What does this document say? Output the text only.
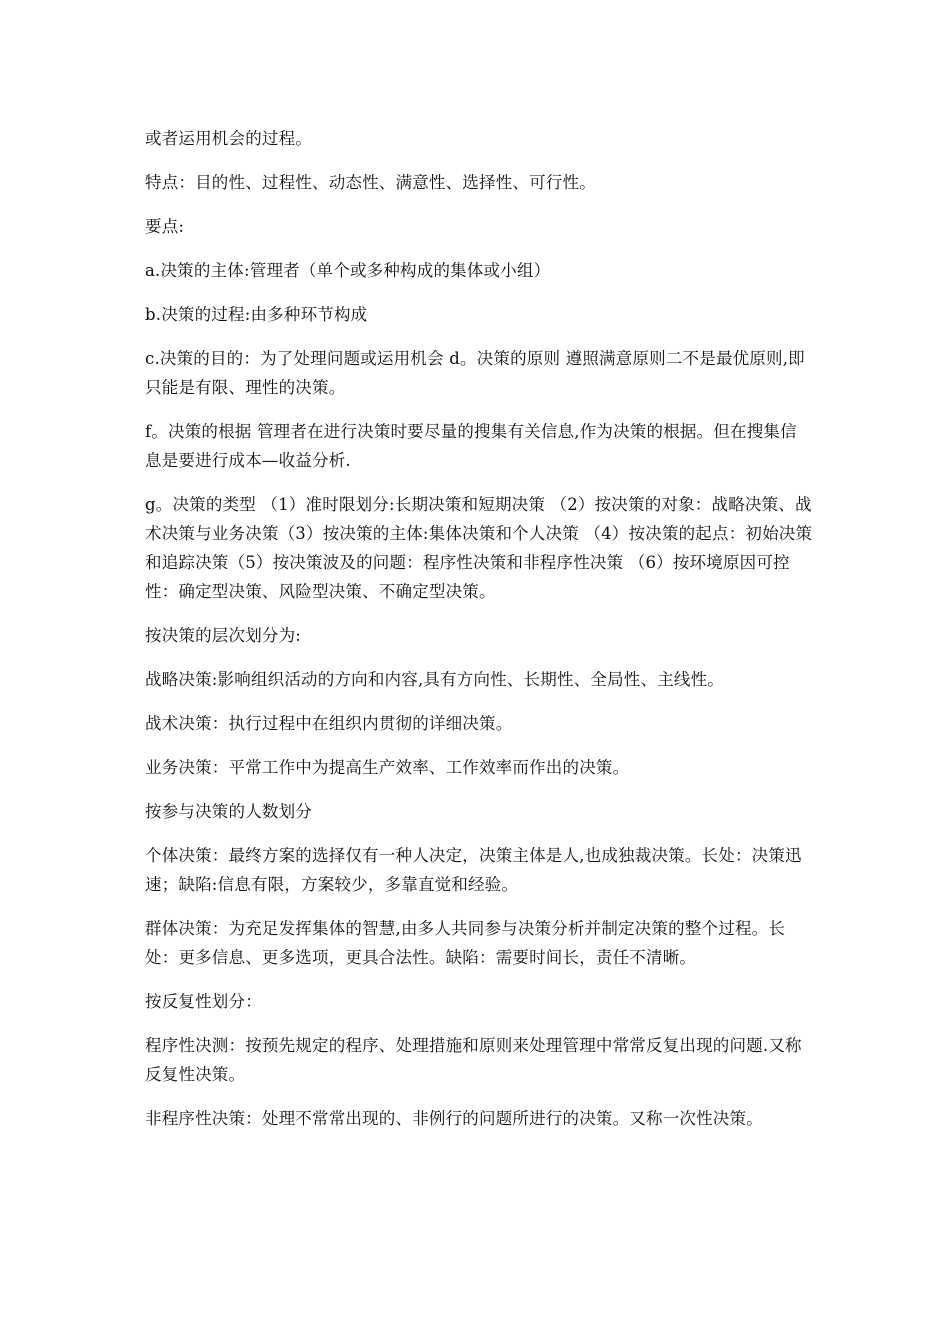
或者运用机会的过程。

特点：目的性、过程性、动态性、满意性、选择性、可行性。

要点:

a.决策的主体:管理者（单个或多种构成的集体或小组）

b.决策的过程:由多种环节构成

c.决策的目的：为了处理问题或运用机会 d。决策的原则 遵照满意原则二不是最优原则,即只能是有限、理性的决策。

f。决策的根据 管理者在进行决策时要尽量的搜集有关信息,作为决策的根据。但在搜集信息是要进行成本—收益分析.

g。决策的类型 （1）准时限划分:长期决策和短期决策 （2）按决策的对象：战略决策、战术决策与业务决策（3）按决策的主体:集体决策和个人决策 （4）按决策的起点：初始决策和追踪决策（5）按决策波及的问题：程序性决策和非程序性决策 （6）按环境原因可控性：确定型决策、风险型决策、不确定型决策。

按决策的层次划分为:

战略决策:影响组织活动的方向和内容,具有方向性、长期性、全局性、主线性。

战术决策：执行过程中在组织内贯彻的详细决策。

业务决策：平常工作中为提高生产效率、工作效率而作出的决策。

按参与决策的人数划分

个体决策：最终方案的选择仅有一种人决定，决策主体是人,也成独裁决策。长处：决策迅速；缺陷:信息有限，方案较少，多靠直觉和经验。

群体决策：为充足发挥集体的智慧,由多人共同参与决策分析并制定决策的整个过程。长处：更多信息、更多选项，更具合法性。缺陷：需要时间长，责任不清晰。

按反复性划分：

程序性决测：按预先规定的程序、处理措施和原则来处理管理中常常反复出现的问题.又称反复性决策。

非程序性决策：处理不常常出现的、非例行的问题所进行的决策。又称一次性决策。
